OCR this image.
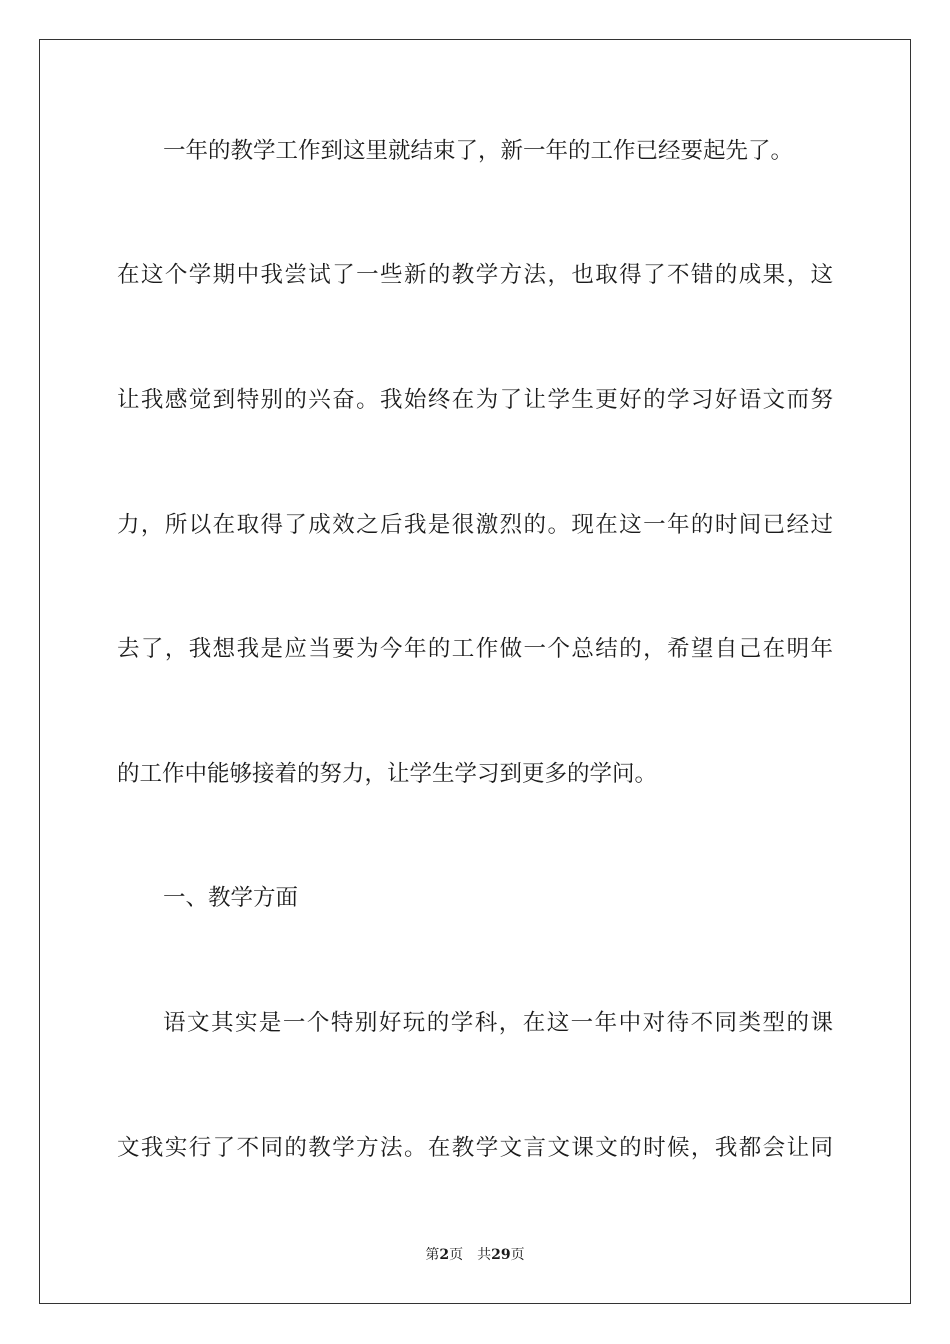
一年的教学工作到这里就结束了，新一年的工作已经要起先了。
在这个学期中我尝试了一些新的教学方法，也取得了不错的成果，这
让我感觉到特别的兴奋。我始终在为了让学生更好的学习好语文而努
力，所以在取得了成效之后我是很激烈的。现在这一年的时间已经过
去了，我想我是应当要为今年的工作做一个总结的，希望自己在明年
的工作中能够接着的努力，让学生学习到更多的学问。
一、教学方面
语文其实是一个特别好玩的学科，在这一年中对待不同类型的课
文我实行了不同的教学方法。在教学文言文课文的时候，我都会让同
第2页 共29页
